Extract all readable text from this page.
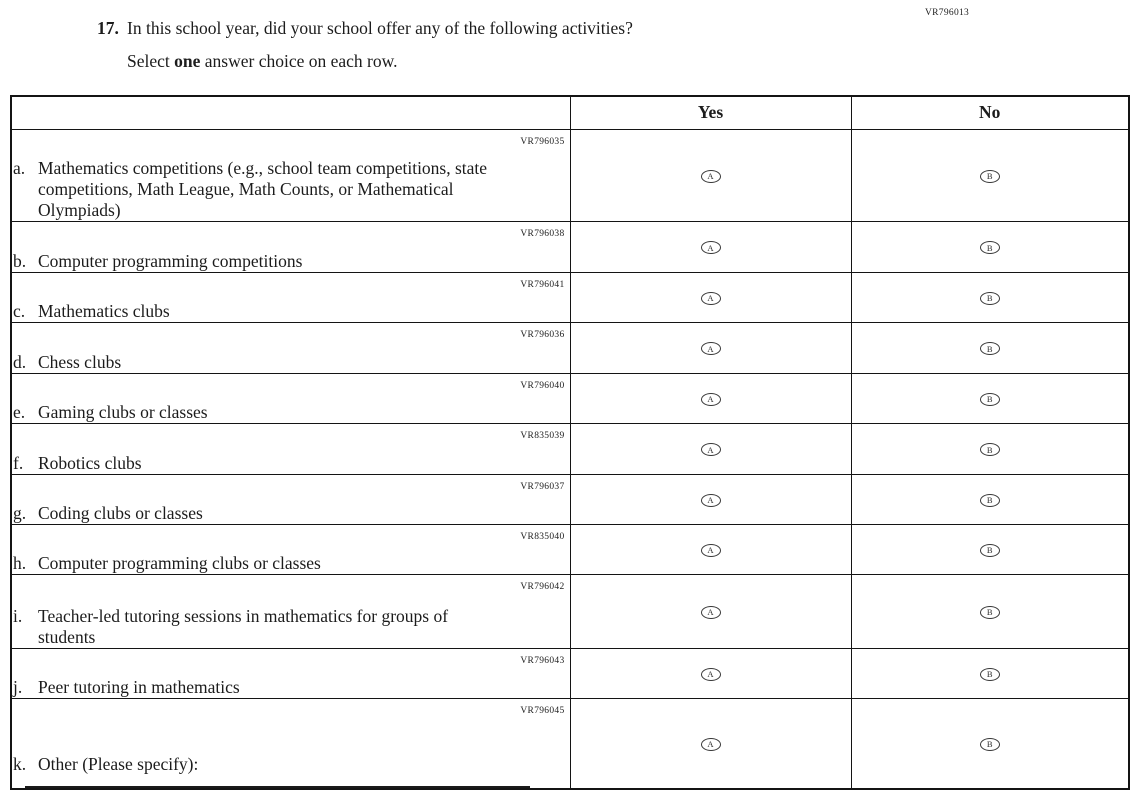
VR796013
17. In this school year, did your school offer any of the following activities?

Select one answer choice on each row.

	Yes	No

VR796035
a. Mathematics competitions (e.g., school team competitions, state competitions, Math League, Math Counts, or Mathematical Olympiads)	A	B

VR796038
b. Computer programming competitions	A	B

VR796041
c. Mathematics clubs	A	B

VR796036
d. Chess clubs	A	B

VR796040
e. Gaming clubs or classes	A	B

VR835039
f. Robotics clubs	A	B

VR796037
g. Coding clubs or classes	A	B

VR835040
h. Computer programming clubs or classes	A	B

VR796042
i. Teacher-led tutoring sessions in mathematics for groups of students	A	B

VR796043
j. Peer tutoring in mathematics	A	B

VR796045
k. Other (Please specify):	A	B
